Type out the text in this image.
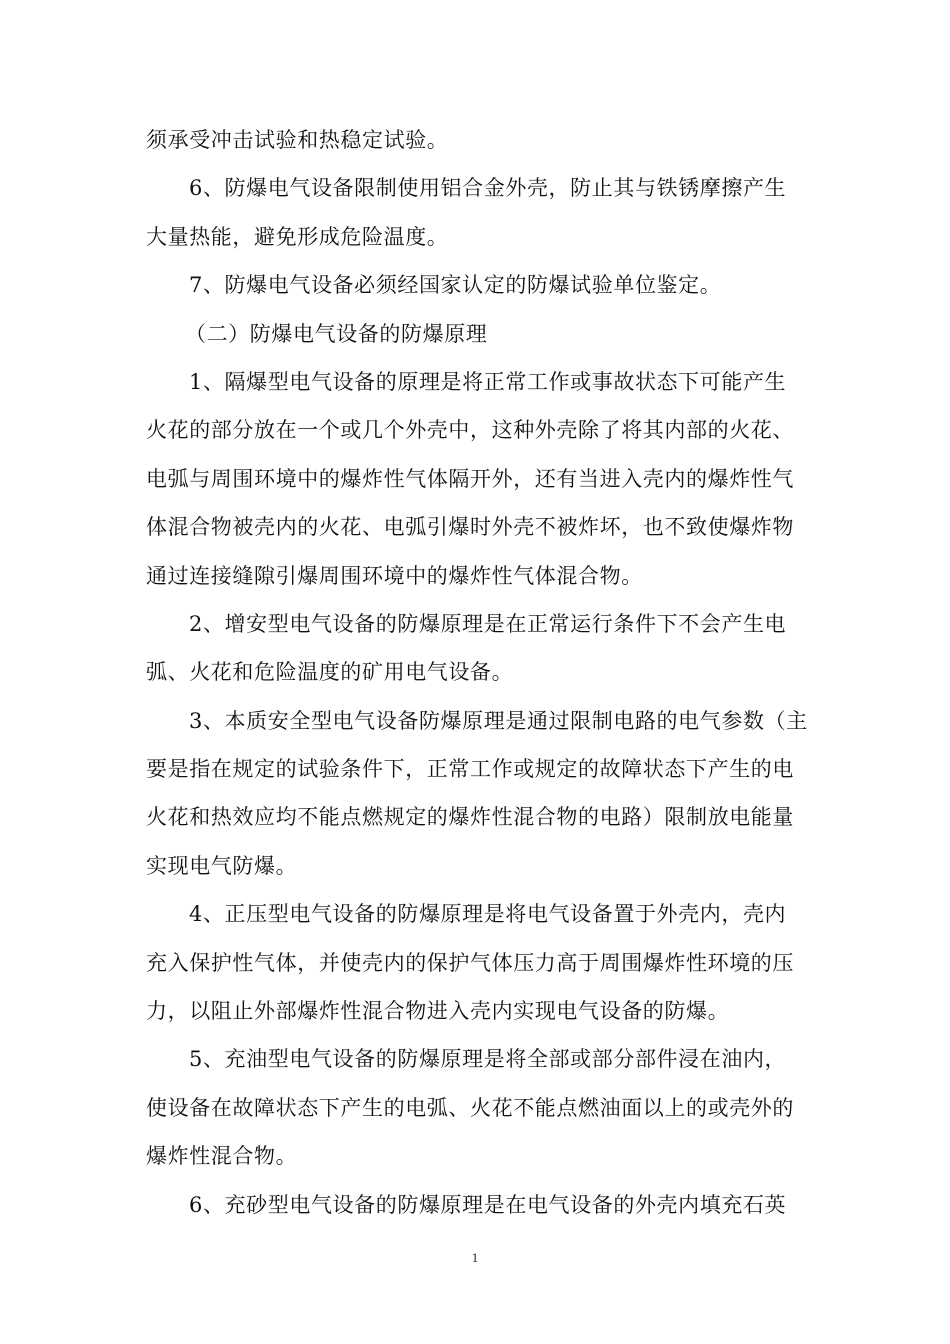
须承受冲击试验和热稳定试验。
6、防爆电气设备限制使用铝合金外壳，防止其与铁锈摩擦产生
大量热能，避免形成危险温度。
7、防爆电气设备必须经国家认定的防爆试验单位鉴定。
（二）防爆电气设备的防爆原理
1、隔爆型电气设备的原理是将正常工作或事故状态下可能产生
火花的部分放在一个或几个外壳中，这种外壳除了将其内部的火花、
电弧与周围环境中的爆炸性气体隔开外，还有当进入壳内的爆炸性气
体混合物被壳内的火花、电弧引爆时外壳不被炸坏，也不致使爆炸物
通过连接缝隙引爆周围环境中的爆炸性气体混合物。
2、增安型电气设备的防爆原理是在正常运行条件下不会产生电
弧、火花和危险温度的矿用电气设备。
3、本质安全型电气设备防爆原理是通过限制电路的电气参数（主
要是指在规定的试验条件下，正常工作或规定的故障状态下产生的电
火花和热效应均不能点燃规定的爆炸性混合物的电路）限制放电能量
实现电气防爆。
4、正压型电气设备的防爆原理是将电气设备置于外壳内，壳内
充入保护性气体，并使壳内的保护气体压力高于周围爆炸性环境的压
力，以阻止外部爆炸性混合物进入壳内实现电气设备的防爆。
5、充油型电气设备的防爆原理是将全部或部分部件浸在油内，
使设备在故障状态下产生的电弧、火花不能点燃油面以上的或壳外的
爆炸性混合物。
6、充砂型电气设备的防爆原理是在电气设备的外壳内填充石英
1
